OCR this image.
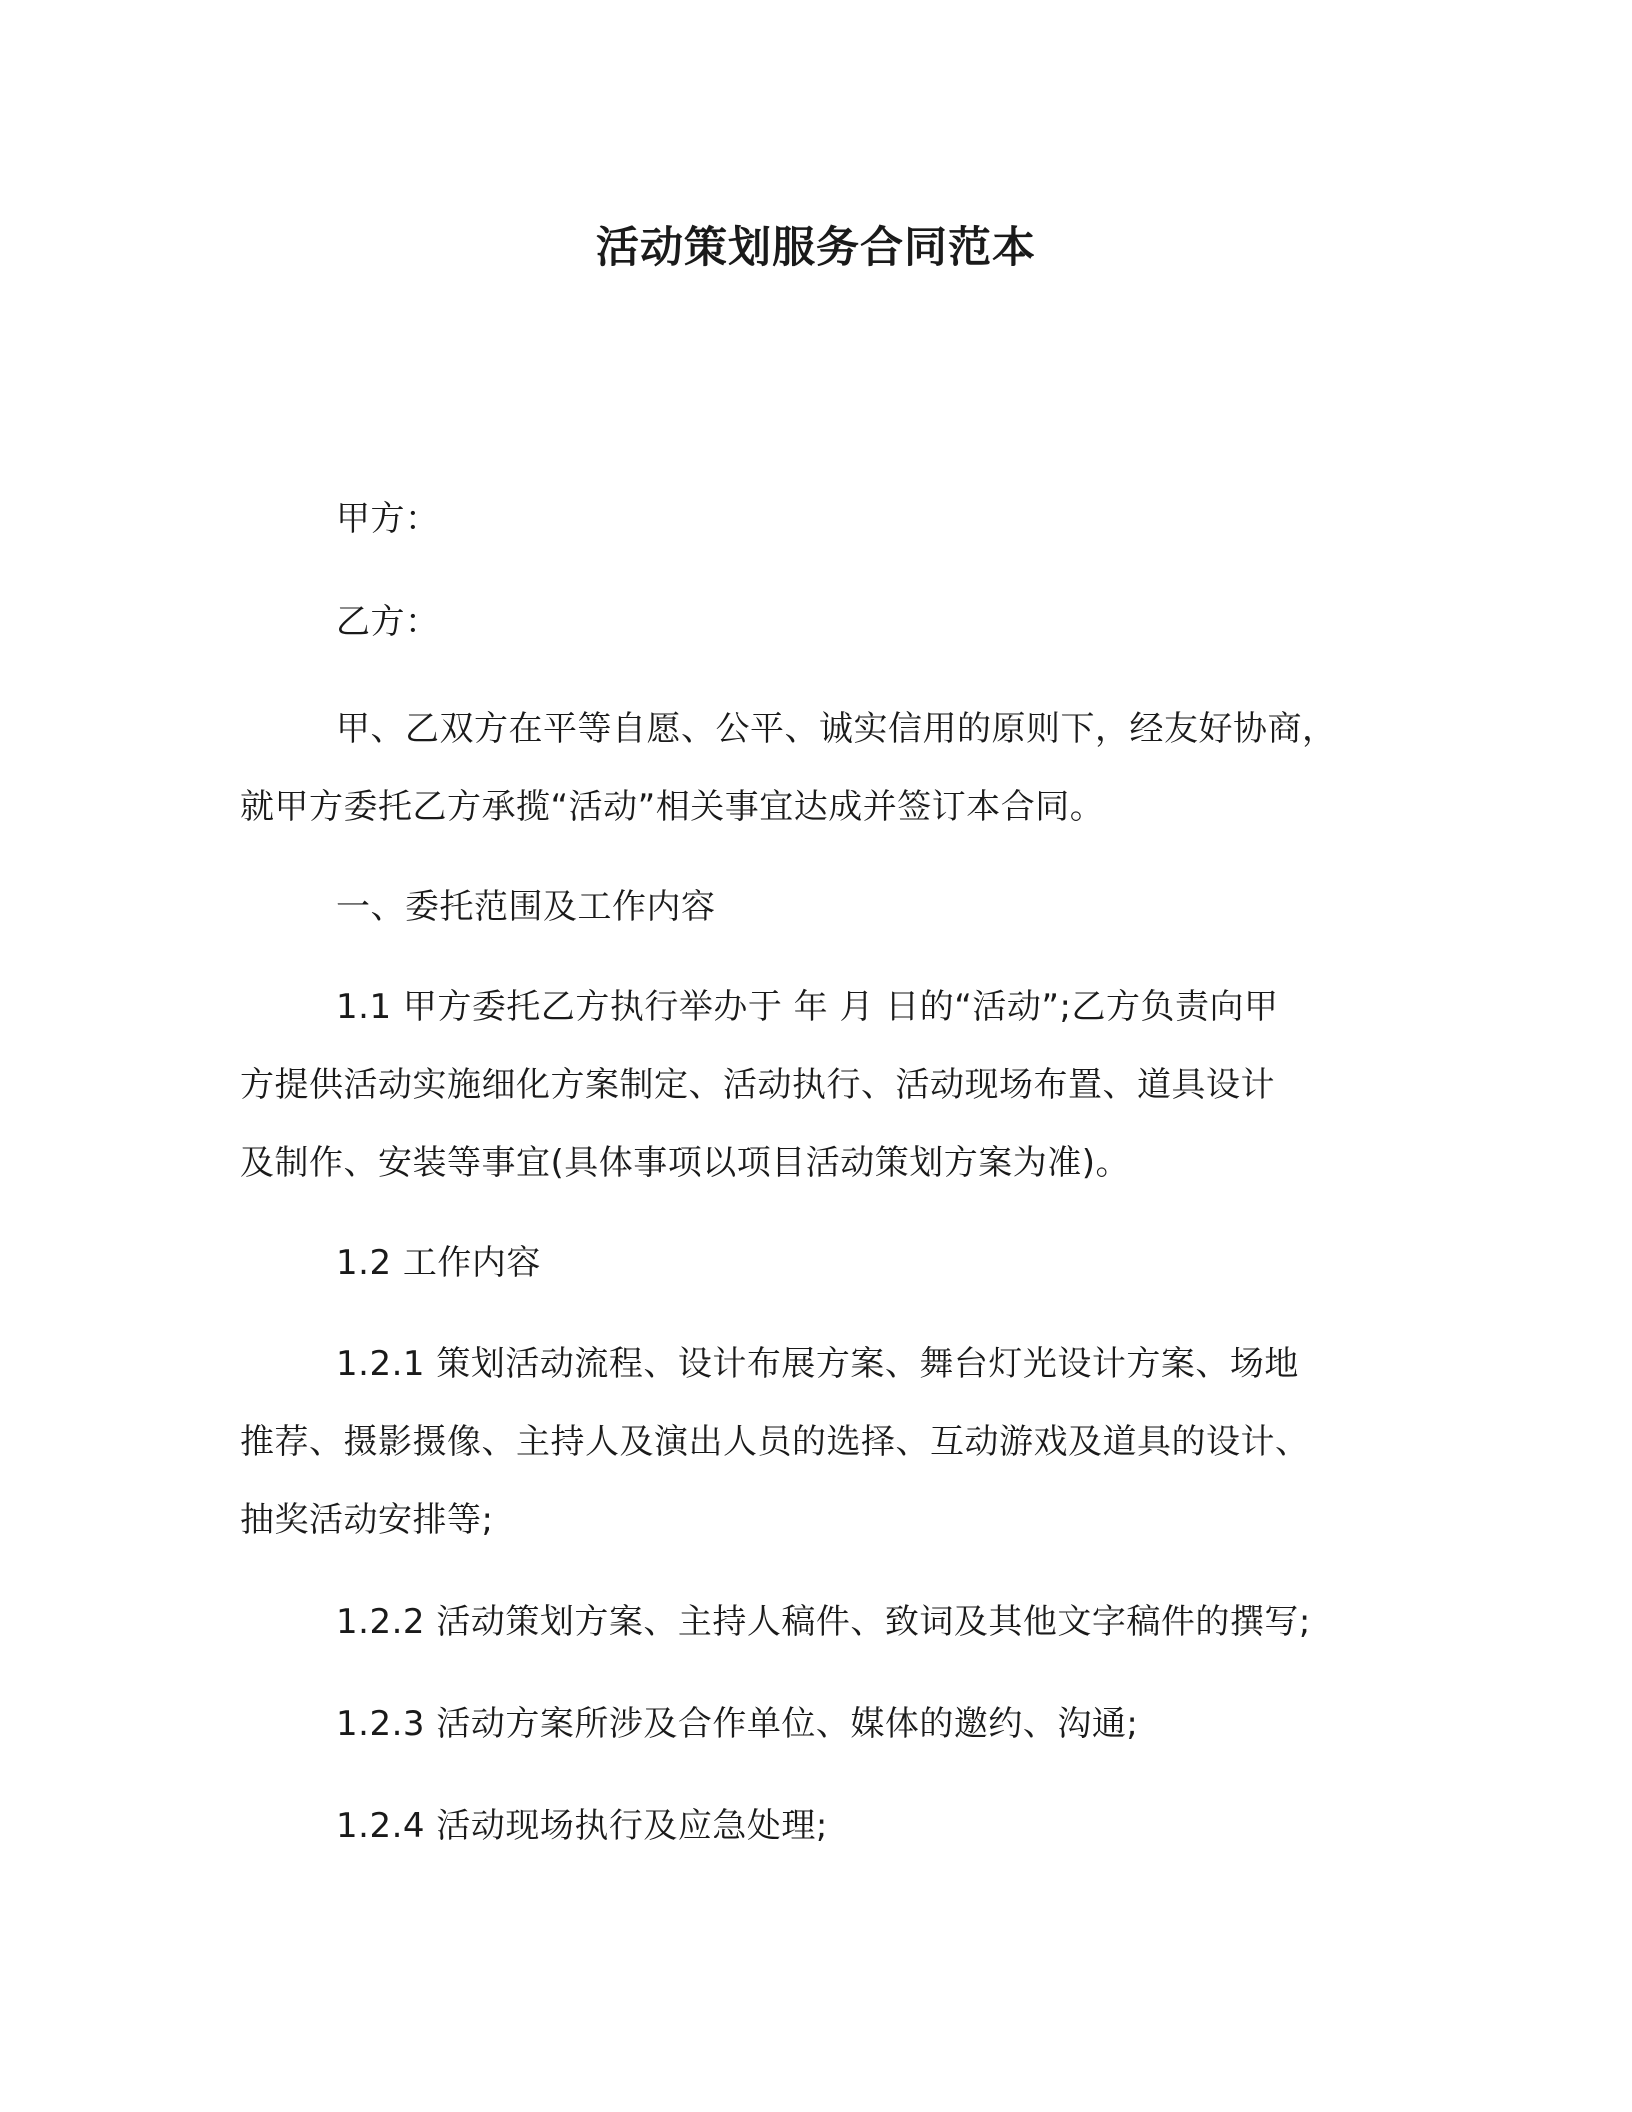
活动策划服务合同范本
甲方：
乙方：
甲、乙双方在平等自愿、公平、诚实信用的原则下，经友好协商，
就甲方委托乙方承揽“活动”相关事宜达成并签订本合同。
一、委托范围及工作内容
1.1 甲方委托乙方执行举办于 年 月 日的“活动”;乙方负责向甲
方提供活动实施细化方案制定、活动执行、活动现场布置、道具设计
及制作、安装等事宜(具体事项以项目活动策划方案为准)。
1.2 工作内容
1.2.1 策划活动流程、设计布展方案、舞台灯光设计方案、场地
推荐、摄影摄像、主持人及演出人员的选择、互动游戏及道具的设计、
抽奖活动安排等;
1.2.2 活动策划方案、主持人稿件、致词及其他文字稿件的撰写;
1.2.3 活动方案所涉及合作单位、媒体的邀约、沟通;
1.2.4 活动现场执行及应急处理;
